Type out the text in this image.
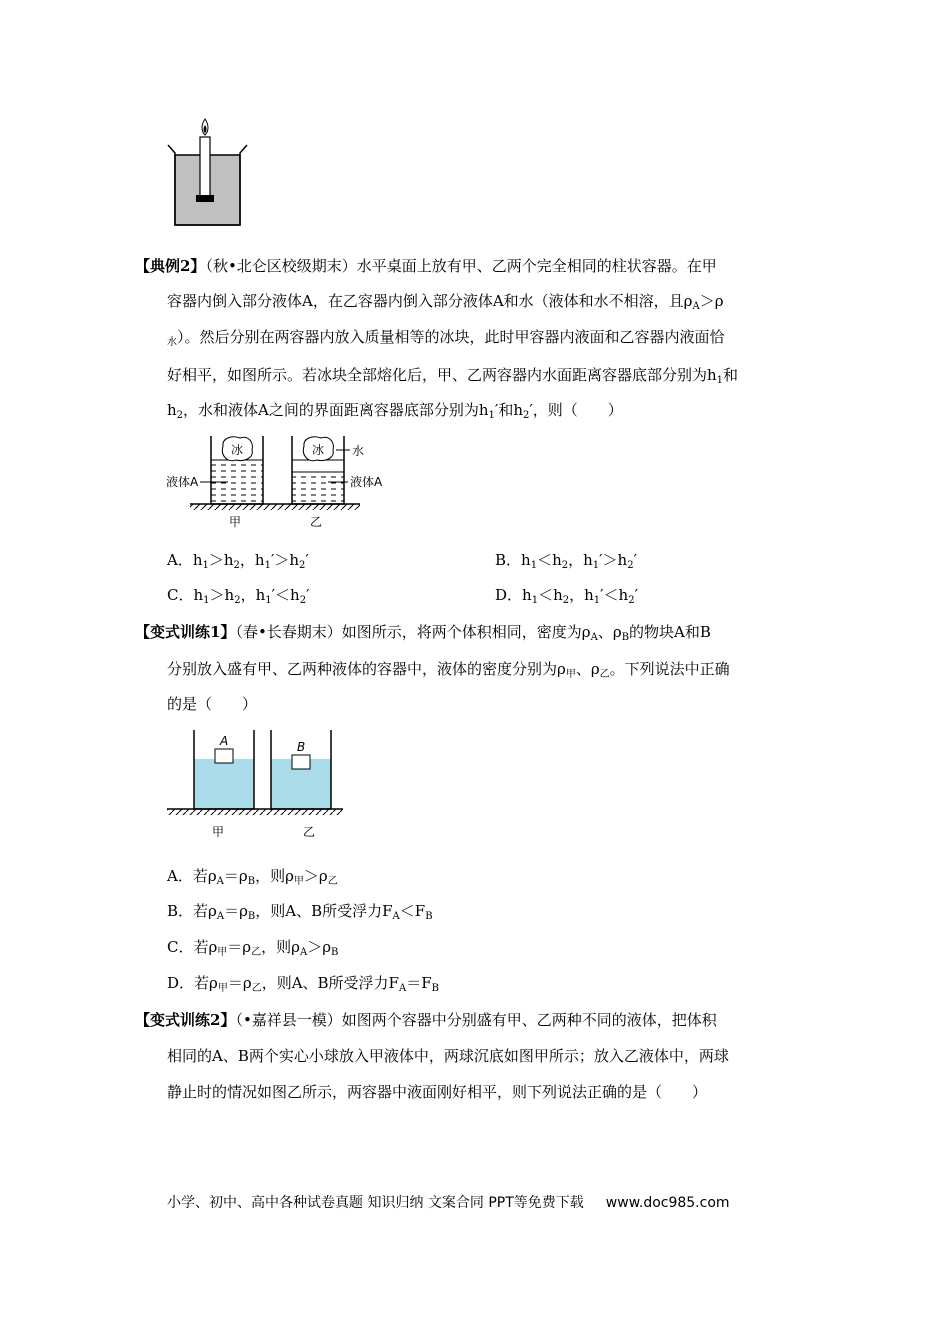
【典例2】（秋•北仑区校级期末）水平桌面上放有甲、乙两个完全相同的柱状容器。在甲
容器内倒入部分液体A，在乙容器内倒入部分液体A和水（液体和水不相溶，且$\rho_A>\rho$
$_水$）。然后分别在两容器内放入质量相等的冰块，此时甲容器内液面和乙容器内液面恰
好相平，如图所示。若冰块全部熔化后，甲、乙两容器内水面距离容器底部分别为$h_1$和
$h_2$，水和液体A之间的界面距离容器底部分别为$h_1'$和$h_2'$，则（　　）
冰	冰 水
液体A	液体A
甲	乙
A．$h_1>h_2$，$h_1'>h_2'$	B．$h_1<h_2$，$h_1'>h_2'$
C．$h_1>h_2$，$h_1'<h_2'$	D．$h_1<h_2$，$h_1'<h_2'$
【变式训练1】（春•长春期末）如图所示，将两个体积相同，密度为$\rho_A$、$\rho_B$的物块A和B
分别放入盛有甲、乙两种液体的容器中，液体的密度分别为$\rho_甲$、$\rho_乙$。下列说法中正确
的是（　　）
A	B
甲	乙
A．若$\rho_A=\rho_B$，则$\rho_甲>\rho_乙$
B．若$\rho_A=\rho_B$，则A、B所受浮力$F_A<F_B$
C．若$\rho_甲=\rho_乙$，则$\rho_A>\rho_B$
D．若$\rho_甲=\rho_乙$，则A、B所受浮力$F_A=F_B$
【变式训练2】（•嘉祥县一模）如图两个容器中分别盛有甲、乙两种不同的液体，把体积
相同的A、B两个实心小球放入甲液体中，两球沉底如图甲所示；放入乙液体中，两球
静止时的情况如图乙所示，两容器中液面刚好相平，则下列说法正确的是（　　）
小学、初中、高中各种试卷真题 知识归纳 文案合同 PPT等免费下载 www.doc985.com
